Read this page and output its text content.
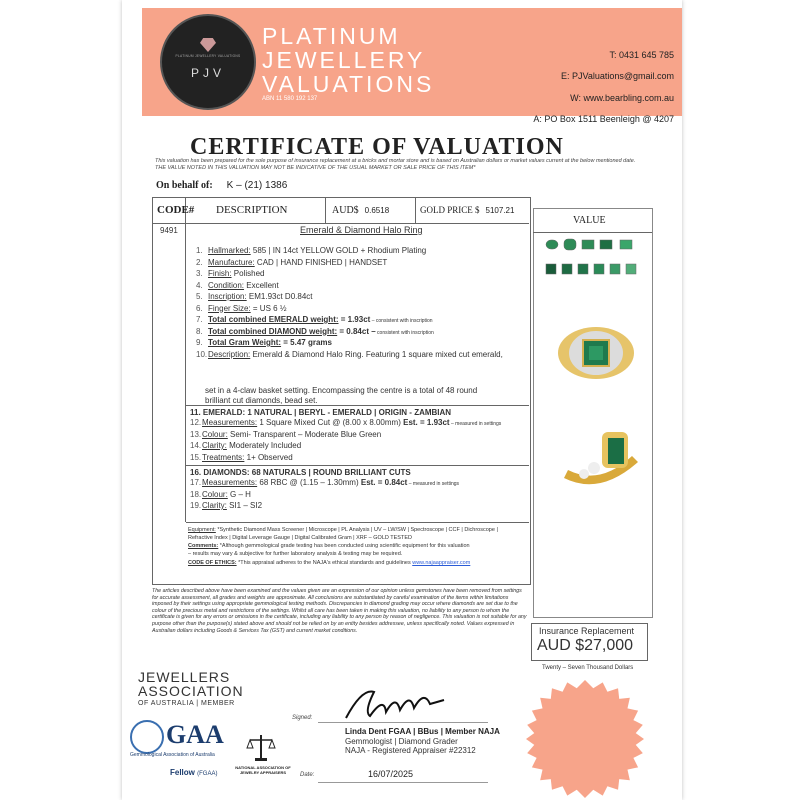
PLATINUM JEWELLERY VALUATIONS
PJV
PLATINUM
JEWELLERY
VALUATIONS
ABN 11 580 192 137
T: 0431 645 785
E: PJValuations@gmail.com
W: www.bearbling.com.au
A: PO Box 1511 Beenleigh @ 4207
CERTIFICATE OF VALUATION
This valuation has been prepared for the sole purpose of insurance replacement at a bricks and mortar store and is based on Australian dollars or market values current at the below mentioned date.
THE VALUE NOTED IN THIS VALUATION MAY NOT BE INDICATIVE OF THE USUAL MARKET OR SALE PRICE OF THIS ITEM*
On behalf of: K – (21) 1386
CODE# DESCRIPTION	AUD$ 0.6518	GOLD PRICE $ 5107.21
VALUE
9491	Emerald & Diamond Halo Ring
1. Hallmarked: 585 | IN 14ct YELLOW GOLD + Rhodium Plating
2. Manufacture: CAD | HAND FINISHED | HANDSET
3. Finish: Polished
4. Condition: Excellent
5. Inscription: EM1.93ct D0.84ct
6. Finger Size: = US 6 ½
7. Total combined EMERALD weight: = 1.93ct – consistent with inscription
8. Total combined DIAMOND weight: = 0.84ct – consistent with inscription
9. Total Gram Weight: = 5.47 grams
10.Description: Emerald & Diamond Halo Ring. Featuring 1 square mixed cut emerald,
set in a 4-claw basket setting. Encompassing the centre is a total of 48 round
brilliant cut diamonds, bead set.
11. EMERALD: 1 NATURAL | BERYL - EMERALD | ORIGIN - ZAMBIAN
12.Measurements: 1 Square Mixed Cut @ (8.00 x 8.00mm) Est. = 1.93ct – measured in settings
13.Colour: Semi- Transparent – Moderate Blue Green
14.Clarity: Moderately Included
15.Treatments: 1+ Observed
16. DIAMONDS: 68 NATURALS | ROUND BRILLIANT CUTS
17.Measurements: 68 RBC @ (1.15 – 1.30mm) Est. = 0.84ct – measured in settings
18.Colour: G – H
19.Clarity: SI1 – SI2
Equipment: *Synthetic Diamond Mass Screener | Microscope | PL Analysis | UV – LW/SW | Spectroscope | CCF | Dichroscope |
Refractive Index | Digital Leverage Gauge | Digital Calibrated Gram | XRF – GOLD TESTED
Comments: *Although gemmological grade testing has been conducted using scientific equipment for this valuation
– results may vary & subjective for further laboratory analysis & testing may be required.
CODE OF ETHICS: *This appraisal adheres to the NAJA's ethical standards and guidelines www.najaappraiser.com
The articles described above have been examined and the values given are an expression of our opinion unless gemstones have been removed from settings for accurate assessment, all grades and weights are approximate. All conclusions are substantiated by careful examination of the items within limitations imposed by their settings using appropriate gemmological testing methods. Discrepancies in diamond grading may occur where diamonds are set due to the colour of the precious metal and restrictions of the settings. Whilst all care has been taken in making this valuation, no liability to any person to whom the certificate is given for any errors or omissions in the certificate, including any liability to any person by reason of negligence. This valuation is not suitable for any purpose other than the purpose(s) stated above and should not be relied on by an entity besides addressee, unless specifically noted. Values expressed in Australian dollars including Goods & Services Tax (GST) and current market conditions.	Insurance Replacement
AUD $27,000
Twenty – Seven Thousand Dollars
JEWELLERS
ASSOCIATION
OF AUSTRALIA | MEMBER
GAA
Gemmological Association of Australia
Fellow (FGAA)
NATIONAL ASSOCIATION OF JEWELRY APPRAISERS
Signed:
Linda Dent FGAA | BBus | Member NAJA
Gemmologist | Diamond Grader
NAJA - Registered Appraiser #22312
Date:	16/07/2025
